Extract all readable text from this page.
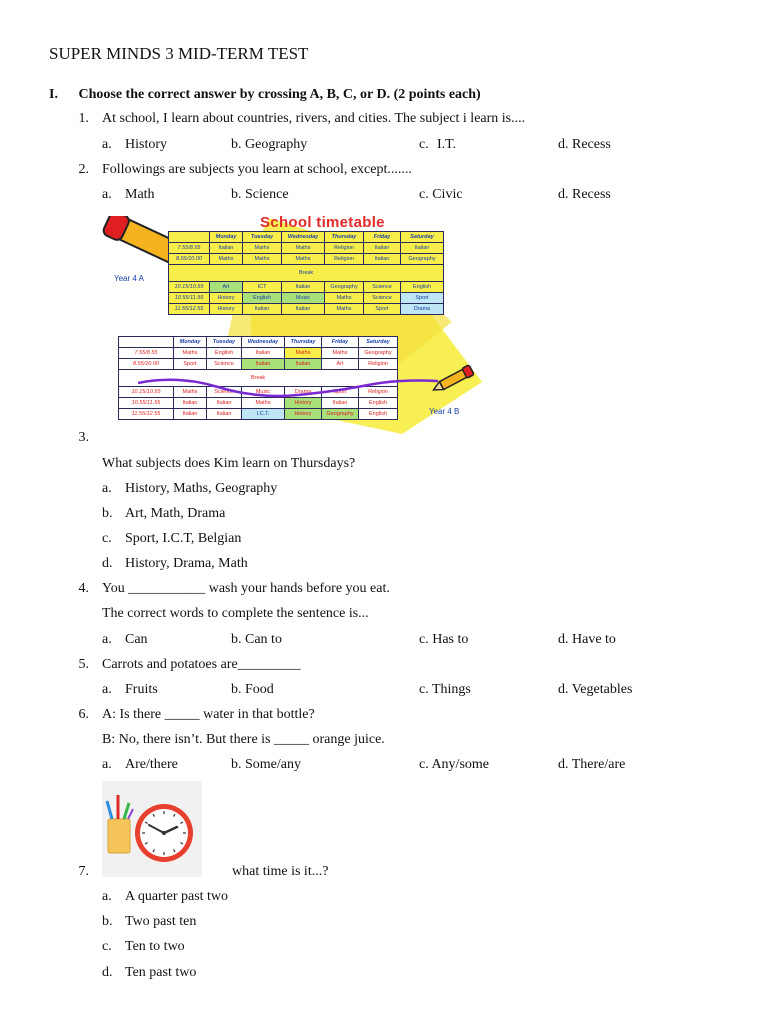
SUPER MINDS 3 MID-TERM TEST
I. Choose the correct answer by crossing A, B, C, or D. (2 points each)
1. At school, I learn about countries, rivers, and cities. The subject i learn is....
a. History	b. Geography	c. I.T.	d. Recess
2. Followings are subjects you learn at school, except.......
a. Math	b. Science	c. Civic	d. Recess
School timetable
Year 4 A
	Monday	Tuesday	Wednesday	Thursday	Friday	Saturday
7.55/8.55	Italian	Maths	Maths	Religion	Italian	Italian
8.55/10.00	Maths	Maths	Maths	Religion	Italian	Geography
Break						
10.15/10.55	Art	ICT	Italian	Geography	Science	English
10.55/11.55	History	English	Music	Maths	Science	Sport
11.55/12.55	History	Italian	Italian	Maths	Sport	Drama
	Monday	Tuesday	Wednesday	Thursday	Friday	Saturday
7.55/8.55	Maths	English	Italian	Maths	Maths	Geography
8.55/10.00	Sport	Science	Italian	Italian	Art	Religion
Break						
10.15/10.55	Maths	Science	Music	Drama	Sport	Religion
10.55/11.55	Italian	Italian	Maths	History	Italian	English
11.55/12.55	Italian	Italian	I.C.T.	History	Geography	English	Year 4 B
3.
What subjects does Kim learn on Thursdays?
a. History, Maths, Geography
b. Art, Math, Drama
c. Sport, I.C.T, Belgian
d. History, Drama, Math
4. You ___________ wash your hands before you eat.
The correct words to complete the sentence is...
a. Can	b. Can to	c. Has to	d. Have to
5. Carrots and potatoes are_________
a. Fruits	b. Food	c. Things	d. Vegetables
6. A: Is there _____ water in that bottle?
B: No, there isn’t. But there is _____ orange juice.
a. Are/there	b. Some/any	c. Any/some	d. There/are
7.	what time is it...?
a. A quarter past two
b. Two past ten
c. Ten to two
d. Ten past two
